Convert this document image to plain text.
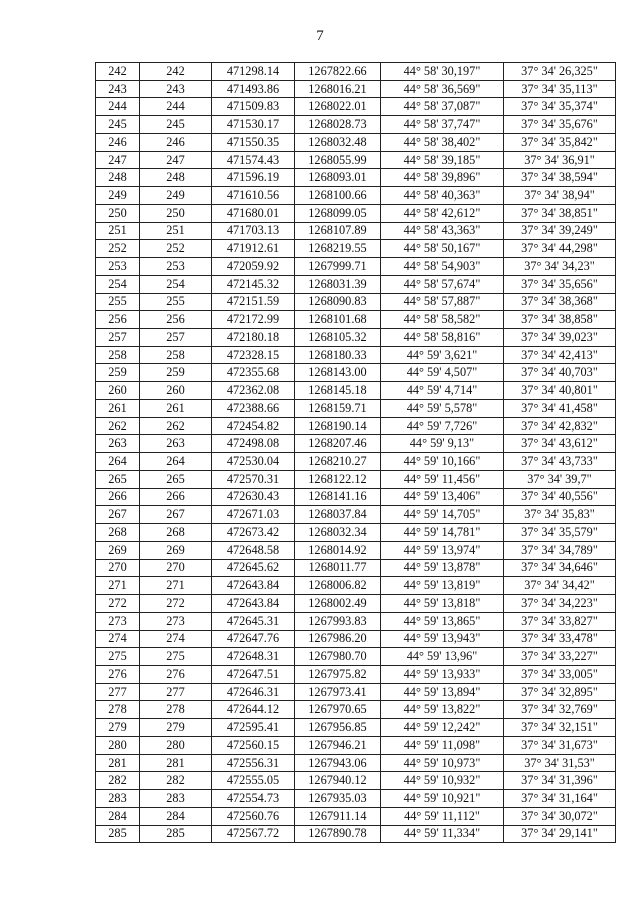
7
242	242	471298.14	1267822.66	44° 58' 30,197"	37° 34' 26,325"
243	243	471493.86	1268016.21	44° 58' 36,569"	37° 34' 35,113"
244	244	471509.83	1268022.01	44° 58' 37,087"	37° 34' 35,374"
245	245	471530.17	1268028.73	44° 58' 37,747"	37° 34' 35,676"
246	246	471550.35	1268032.48	44° 58' 38,402"	37° 34' 35,842"
247	247	471574.43	1268055.99	44° 58' 39,185"	37° 34' 36,91"
248	248	471596.19	1268093.01	44° 58' 39,896"	37° 34' 38,594"
249	249	471610.56	1268100.66	44° 58' 40,363"	37° 34' 38,94"
250	250	471680.01	1268099.05	44° 58' 42,612"	37° 34' 38,851"
251	251	471703.13	1268107.89	44° 58' 43,363"	37° 34' 39,249"
252	252	471912.61	1268219.55	44° 58' 50,167"	37° 34' 44,298"
253	253	472059.92	1267999.71	44° 58' 54,903"	37° 34' 34,23"
254	254	472145.32	1268031.39	44° 58' 57,674"	37° 34' 35,656"
255	255	472151.59	1268090.83	44° 58' 57,887"	37° 34' 38,368"
256	256	472172.99	1268101.68	44° 58' 58,582"	37° 34' 38,858"
257	257	472180.18	1268105.32	44° 58' 58,816"	37° 34' 39,023"
258	258	472328.15	1268180.33	44° 59' 3,621"	37° 34' 42,413"
259	259	472355.68	1268143.00	44° 59' 4,507"	37° 34' 40,703"
260	260	472362.08	1268145.18	44° 59' 4,714"	37° 34' 40,801"
261	261	472388.66	1268159.71	44° 59' 5,578"	37° 34' 41,458"
262	262	472454.82	1268190.14	44° 59' 7,726"	37° 34' 42,832"
263	263	472498.08	1268207.46	44° 59' 9,13"	37° 34' 43,612"
264	264	472530.04	1268210.27	44° 59' 10,166"	37° 34' 43,733"
265	265	472570.31	1268122.12	44° 59' 11,456"	37° 34' 39,7"
266	266	472630.43	1268141.16	44° 59' 13,406"	37° 34' 40,556"
267	267	472671.03	1268037.84	44° 59' 14,705"	37° 34' 35,83"
268	268	472673.42	1268032.34	44° 59' 14,781"	37° 34' 35,579"
269	269	472648.58	1268014.92	44° 59' 13,974"	37° 34' 34,789"
270	270	472645.62	1268011.77	44° 59' 13,878"	37° 34' 34,646"
271	271	472643.84	1268006.82	44° 59' 13,819"	37° 34' 34,42"
272	272	472643.84	1268002.49	44° 59' 13,818"	37° 34' 34,223"
273	273	472645.31	1267993.83	44° 59' 13,865"	37° 34' 33,827"
274	274	472647.76	1267986.20	44° 59' 13,943"	37° 34' 33,478"
275	275	472648.31	1267980.70	44° 59' 13,96"	37° 34' 33,227"
276	276	472647.51	1267975.82	44° 59' 13,933"	37° 34' 33,005"
277	277	472646.31	1267973.41	44° 59' 13,894"	37° 34' 32,895"
278	278	472644.12	1267970.65	44° 59' 13,822"	37° 34' 32,769"
279	279	472595.41	1267956.85	44° 59' 12,242"	37° 34' 32,151"
280	280	472560.15	1267946.21	44° 59' 11,098"	37° 34' 31,673"
281	281	472556.31	1267943.06	44° 59' 10,973"	37° 34' 31,53"
282	282	472555.05	1267940.12	44° 59' 10,932"	37° 34' 31,396"
283	283	472554.73	1267935.03	44° 59' 10,921"	37° 34' 31,164"
284	284	472560.76	1267911.14	44° 59' 11,112"	37° 34' 30,072"
285	285	472567.72	1267890.78	44° 59' 11,334"	37° 34' 29,141"
